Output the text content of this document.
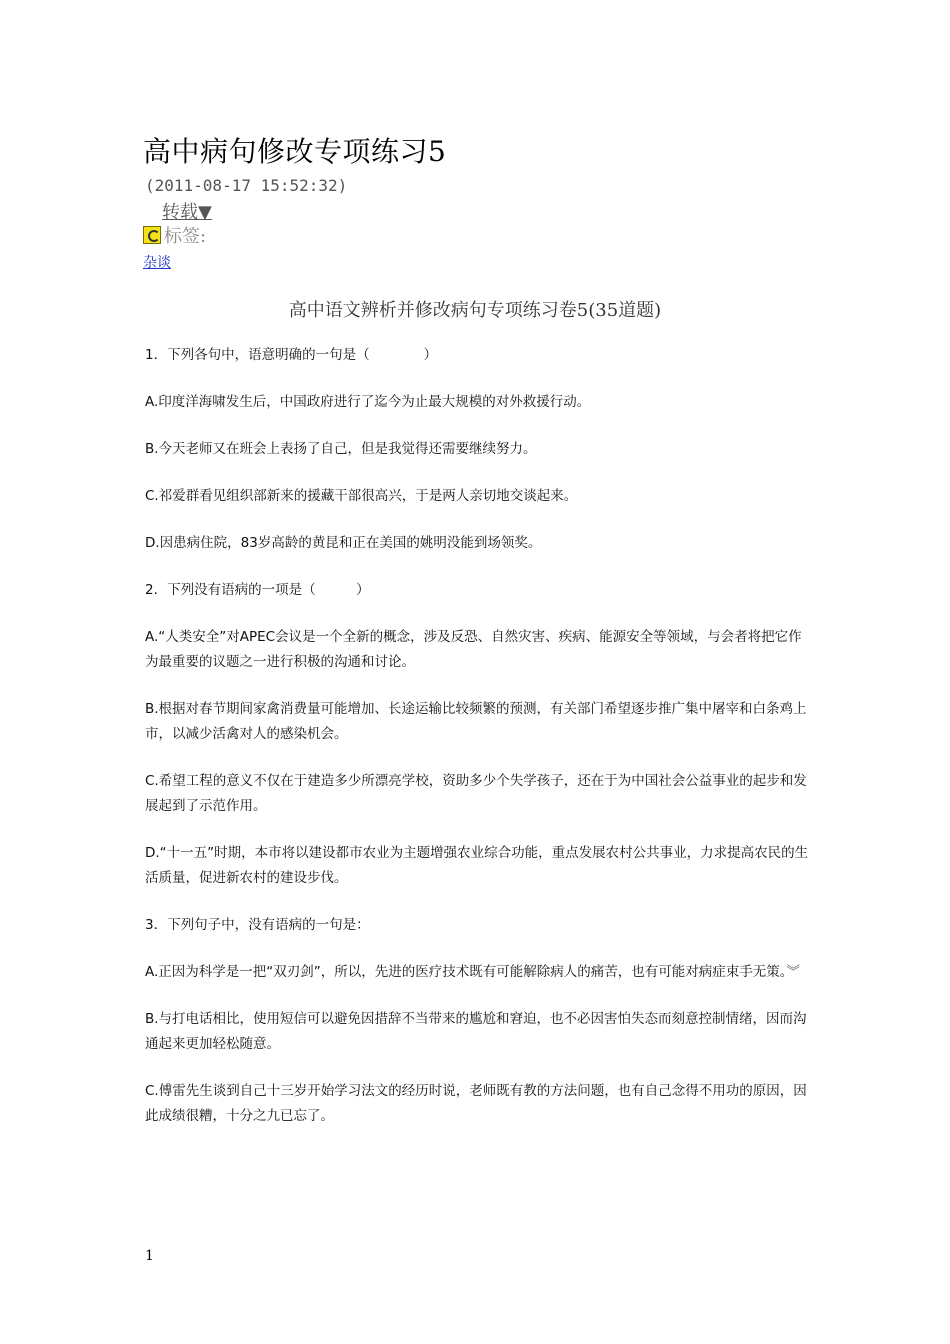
高中病句修改专项练习5
(2011-08-17 15:52:32)
转载▼
标签:
杂谈
高中语文辨析并修改病句专项练习卷5(35道题)

1．下列各句中，语意明确的一句是（　　　　）

A.印度洋海啸发生后，中国政府进行了迄今为止最大规模的对外救援行动。

B.今天老师又在班会上表扬了自己，但是我觉得还需要继续努力。

C.祁爱群看见组织部新来的援藏干部很高兴，于是两人亲切地交谈起来。

D.因患病住院，83岁高龄的黄昆和正在美国的姚明没能到场领奖。

2．下列没有语病的一项是（　　　）

A.“人类安全”对APEC会议是一个全新的概念，涉及反恐、自然灾害、疾病、能源安全等领域，与会者将把它作为最重要的议题之一进行积极的沟通和讨论。

B.根据对春节期间家禽消费量可能增加、长途运输比较频繁的预测，有关部门希望逐步推广集中屠宰和白条鸡上市，以减少活禽对人的感染机会。

C.希望工程的意义不仅在于建造多少所漂亮学校，资助多少个失学孩子，还在于为中国社会公益事业的起步和发展起到了示范作用。

D.“十一五”时期，本市将以建设都市农业为主题增强农业综合功能，重点发展农村公共事业，力求提高农民的生活质量，促进新农村的建设步伐。

3．下列句子中，没有语病的一句是：

A.正因为科学是一把“双刃剑”，所以，先进的医疗技术既有可能解除病人的痛苦，也有可能对病症束手无策。︾

B.与打电话相比，使用短信可以避免因措辞不当带来的尴尬和窘迫，也不必因害怕失态而刻意控制情绪，因而沟通起来更加轻松随意。

C.傅雷先生谈到自己十三岁开始学习法文的经历时说，老师既有教的方法问题，也有自己念得不用功的原因，因此成绩很糟，十分之九已忘了。

1
